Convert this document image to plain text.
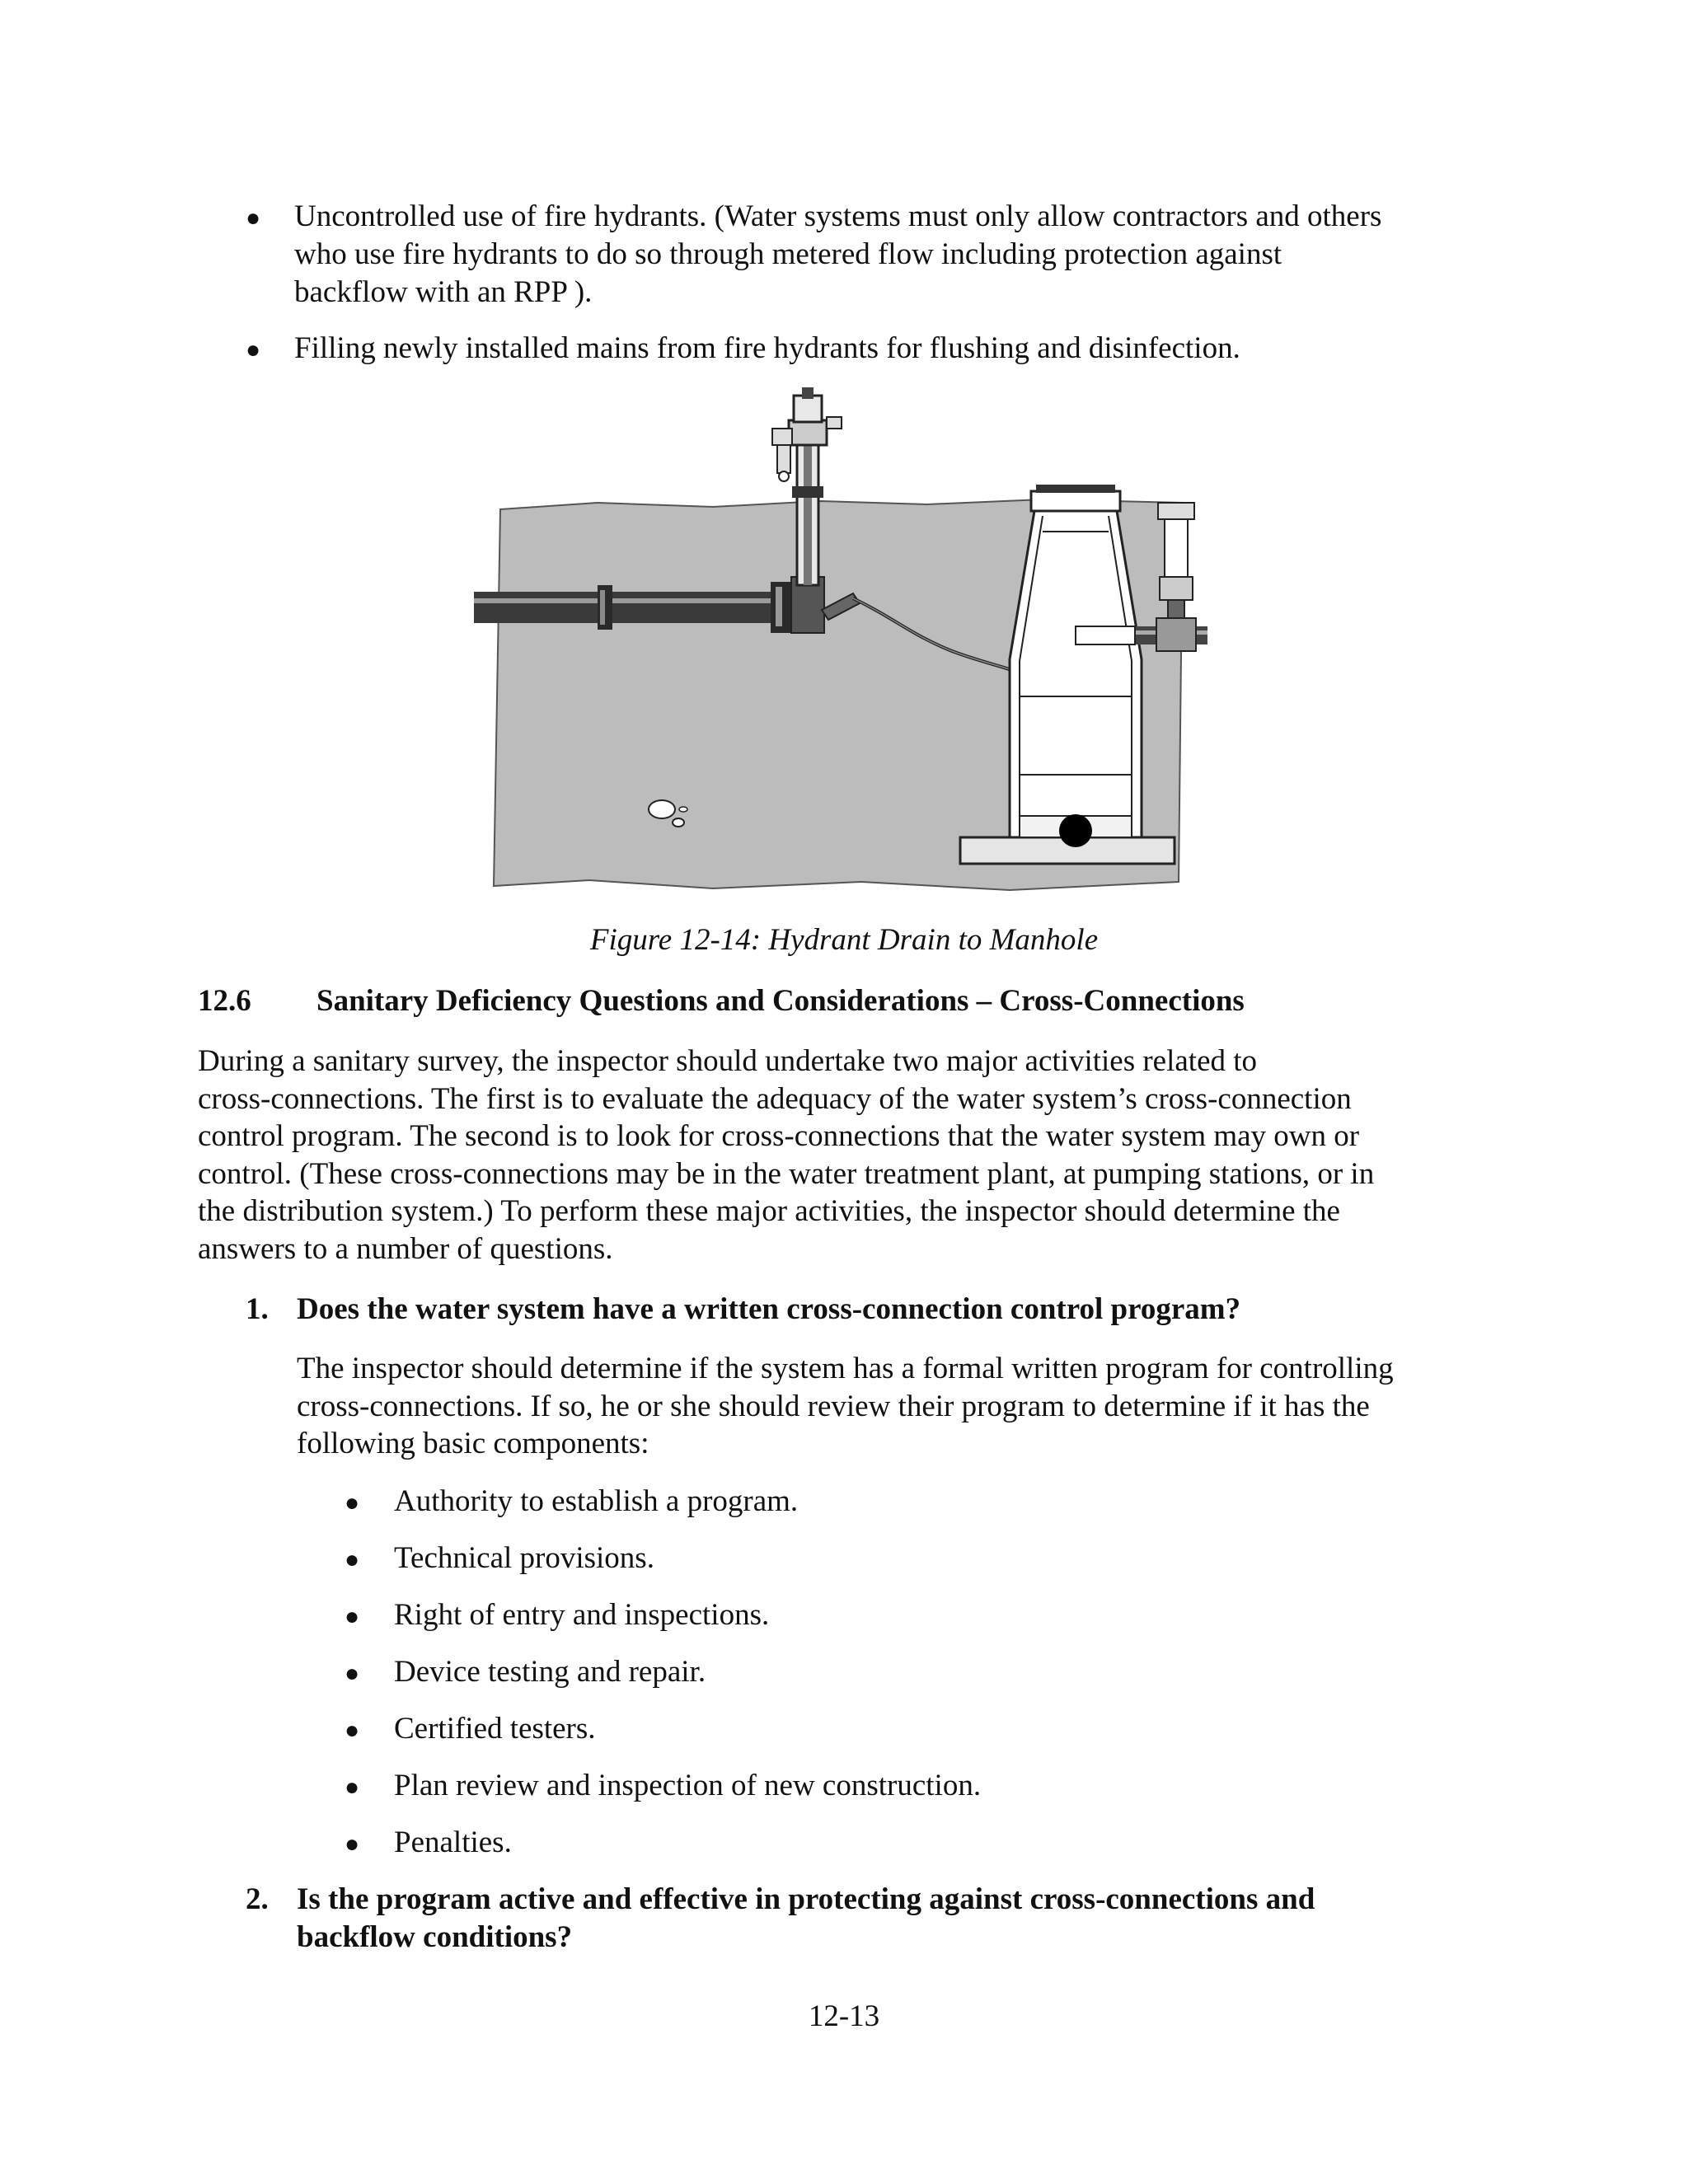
● Uncontrolled use of fire hydrants. (Water systems must only allow contractors and others
who use fire hydrants to do so through metered flow including protection against
backflow with an RPP ).
● Filling newly installed mains from fire hydrants for flushing and disinfection.
Figure 12-14: Hydrant Drain to Manhole
12.6 Sanitary Deficiency Questions and Considerations – Cross-Connections
During a sanitary survey, the inspector should undertake two major activities related to
cross-connections. The first is to evaluate the adequacy of the water system’s cross-connection
control program. The second is to look for cross-connections that the water system may own or
control. (These cross-connections may be in the water treatment plant, at pumping stations, or in
the distribution system.) To perform these major activities, the inspector should determine the
answers to a number of questions.
1. Does the water system have a written cross-connection control program?
The inspector should determine if the system has a formal written program for controlling
cross-connections. If so, he or she should review their program to determine if it has the
following basic components:
● Authority to establish a program.
● Technical provisions.
● Right of entry and inspections.
● Device testing and repair.
● Certified testers.
● Plan review and inspection of new construction.
● Penalties.
2. Is the program active and effective in protecting against cross-connections and
backflow conditions?
12-13
